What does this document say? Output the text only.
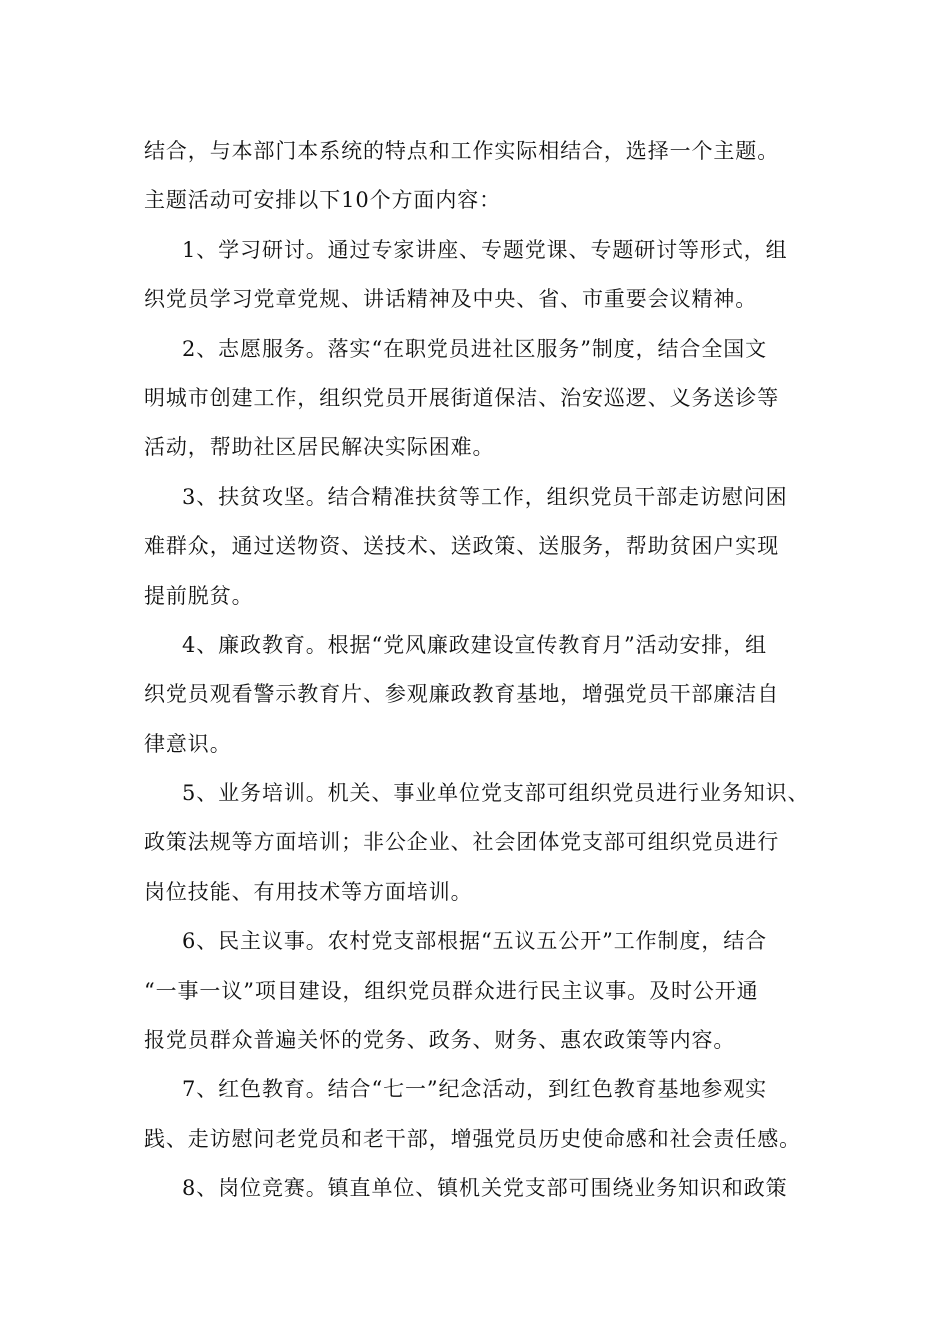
结合，与本部门本系统的特点和工作实际相结合，选择一个主题。
主题活动可安排以下10个方面内容：
1、学习研讨。通过专家讲座、专题党课、专题研讨等形式，组
织党员学习党章党规、讲话精神及中央、省、市重要会议精神。
2、志愿服务。落实“在职党员进社区服务”制度，结合全国文
明城市创建工作，组织党员开展街道保洁、治安巡逻、义务送诊等
活动，帮助社区居民解决实际困难。
3、扶贫攻坚。结合精准扶贫等工作，组织党员干部走访慰问困
难群众，通过送物资、送技术、送政策、送服务，帮助贫困户实现
提前脱贫。
4、廉政教育。根据“党风廉政建设宣传教育月”活动安排，组
织党员观看警示教育片、参观廉政教育基地，增强党员干部廉洁自
律意识。
5、业务培训。机关、事业单位党支部可组织党员进行业务知识、
政策法规等方面培训；非公企业、社会团体党支部可组织党员进行
岗位技能、有用技术等方面培训。
6、民主议事。农村党支部根据“五议五公开”工作制度，结合
“一事一议”项目建设，组织党员群众进行民主议事。及时公开通
报党员群众普遍关怀的党务、政务、财务、惠农政策等内容。
7、红色教育。结合“七一”纪念活动，到红色教育基地参观实
践、走访慰问老党员和老干部，增强党员历史使命感和社会责任感。
8、岗位竞赛。镇直单位、镇机关党支部可围绕业务知识和政策
